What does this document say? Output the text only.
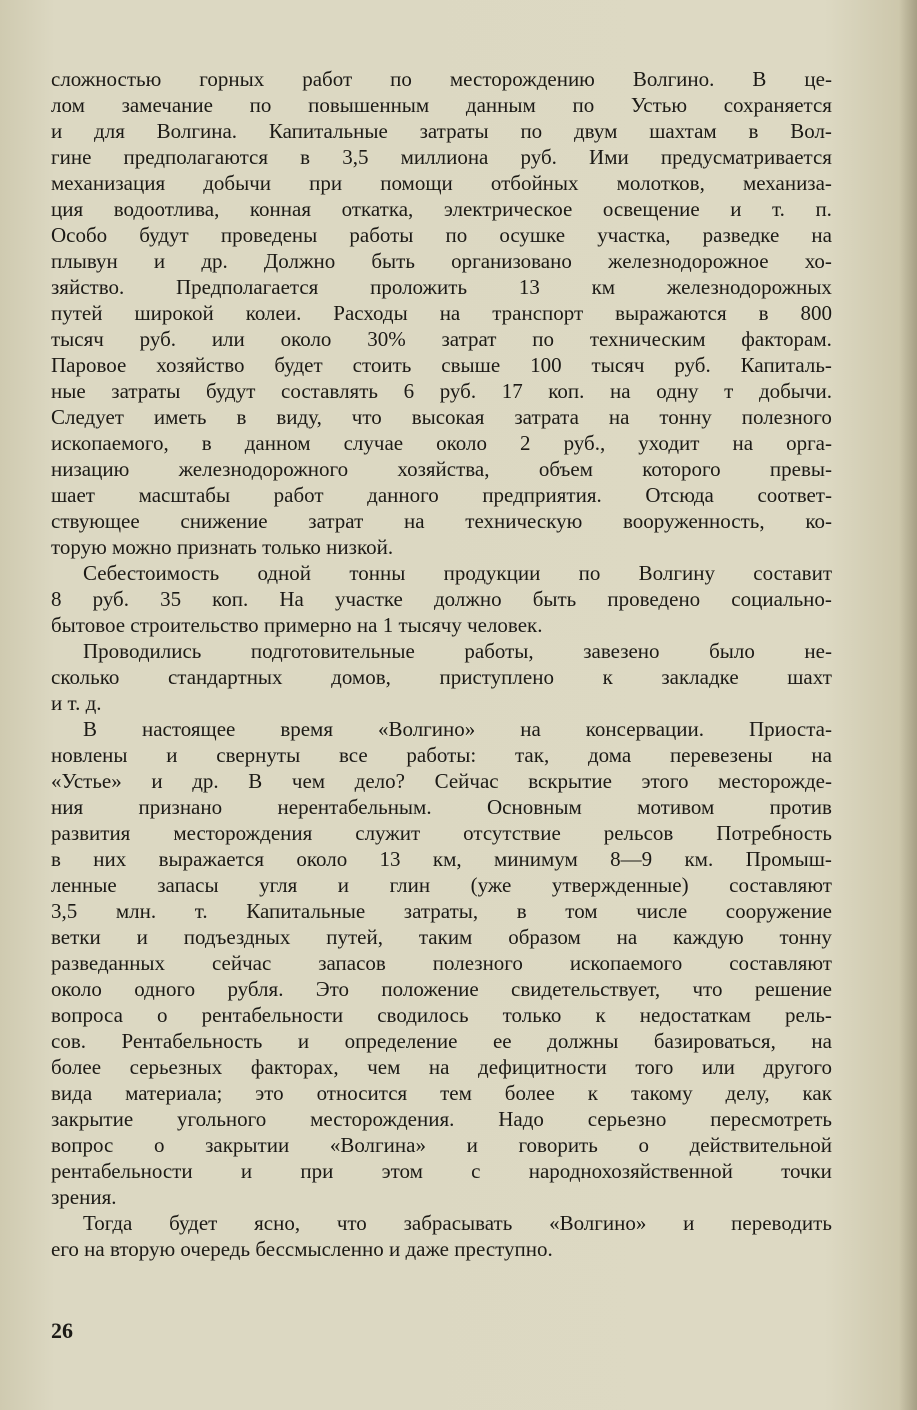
сложностью горных работ по месторождению Волгино. В це-
лом замечание по повышенным данным по Устью сохраняется
и для Волгина. Капитальные затраты по двум шахтам в Вол-
гине предполагаются в 3,5 миллиона руб. Ими предусматривается
механизация добычи при помощи отбойных молотков, механиза-
ция водоотлива, конная откатка, электрическое освещение и т. п.
Особо будут проведены работы по осушке участка, разведке на
плывун и др. Должно быть организовано железнодорожное хо-
зяйство. Предполагается проложить 13 км железнодорожных
путей широкой колеи. Расходы на транспорт выражаются в 800
тысяч руб. или около 30% затрат по техническим факторам.
Паровое хозяйство будет стоить свыше 100 тысяч руб. Капиталь-
ные затраты будут составлять 6 руб. 17 коп. на одну т добычи.
Следует иметь в виду, что высокая затрата на тонну полезного
ископаемого, в данном случае около 2 руб., уходит на орга-
низацию железнодорожного хозяйства, объем которого превы-
шает масштабы работ данного предприятия. Отсюда соответ-
ствующее снижение затрат на техническую вооруженность, ко-
торую можно признать только низкой.
Себестоимость одной тонны продукции по Волгину составит
8 руб. 35 коп. На участке должно быть проведено социально-
бытовое строительство примерно на 1 тысячу человек.
Проводились подготовительные работы, завезено было не-
сколько стандартных домов, приступлено к закладке шахт
и т. д.
В настоящее время «Волгино» на консервации. Приоста-
новлены и свернуты все работы: так, дома перевезены на
«Устье» и др. В чем дело? Сейчас вскрытие этого месторожде-
ния	признано	нерентабельным.	Основным	мотивом	против
развития месторождения служит отсутствие рельсов Потребность
в них выражается около 13 км, минимум 8—9 км. Промыш-
ленные запасы угля и глин (уже утвержденные) составляют
3,5 млн. т. Капитальные затраты, в том числе сооружение
ветки и подъездных путей, таким образом на каждую тонну
разведанных сейчас запасов полезного ископаемого составляют
около одного рубля. Это положение свидетельствует, что решение
вопроса о рентабельности сводилось только к недостаткам рель-
сов. Рентабельность и определение ее должны базироваться, на
более серьезных факторах, чем на дефицитности того или другого
вида материала; это относится тем более к такому делу, как
закрытие угольного месторождения. Надо серьезно пересмотреть
вопрос о закрытии «Волгина» и говорить о действительной
рентабельности и при этом с народнохозяйственной точки
зрения.
Тогда будет ясно, что забрасывать «Волгино» и переводить
его на вторую очередь бессмысленно и даже преступно.
26
